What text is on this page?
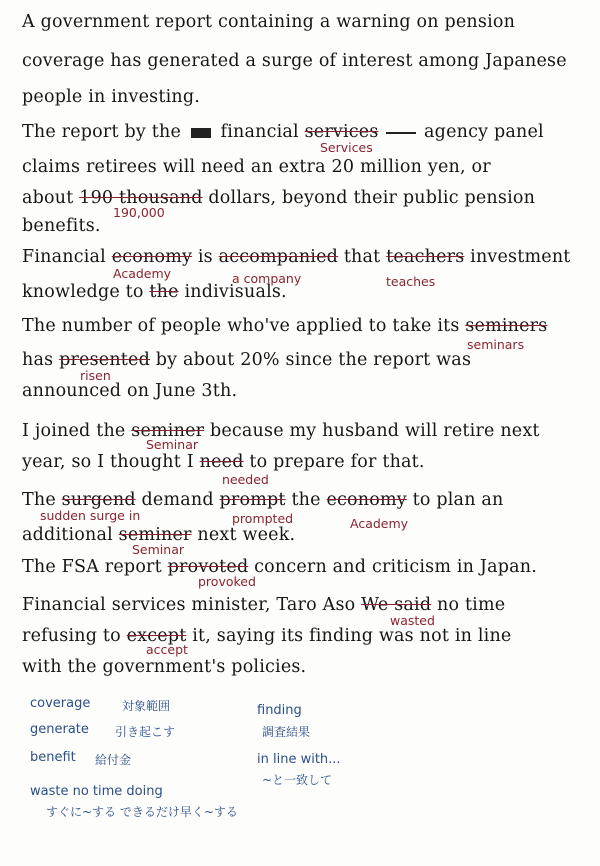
A government report containing a warning on pension
coverage has generated a surge of interest among Japanese
people in investing.
The report by the financial services	agency panel
Services
claims retirees will need an extra 20 million yen, or
about 190 thousand dollars, beyond their public pension
190,000
benefits.
Financial economy is accompanied that teachers investment
Academy	a company	teaches
knowledge to the indivisuals.
The number of people who've applied to take its seminers
seminars
has presented by about 20% since the report was
risen
announced on June 3th.
I joined the seminer because my husband will retire next
Seminar
year, so I thought I need to prepare for that.
needed
The surgend demand prompt the economy to plan an
sudden surge in	prompted	Academy
additional seminer next week.
Seminar
The FSA report provoted concern and criticism in Japan.
provoked
Financial services minister, Taro Aso We said no time
wasted
refusing to except it, saying its finding was not in line
accept
with the government's policies.
coverage	対象範囲
generate 引き起こす
benefit 給付金
waste no time doing
すぐに~する できるだけ早く~する
finding
調査結果
in line with...
~と一致して
